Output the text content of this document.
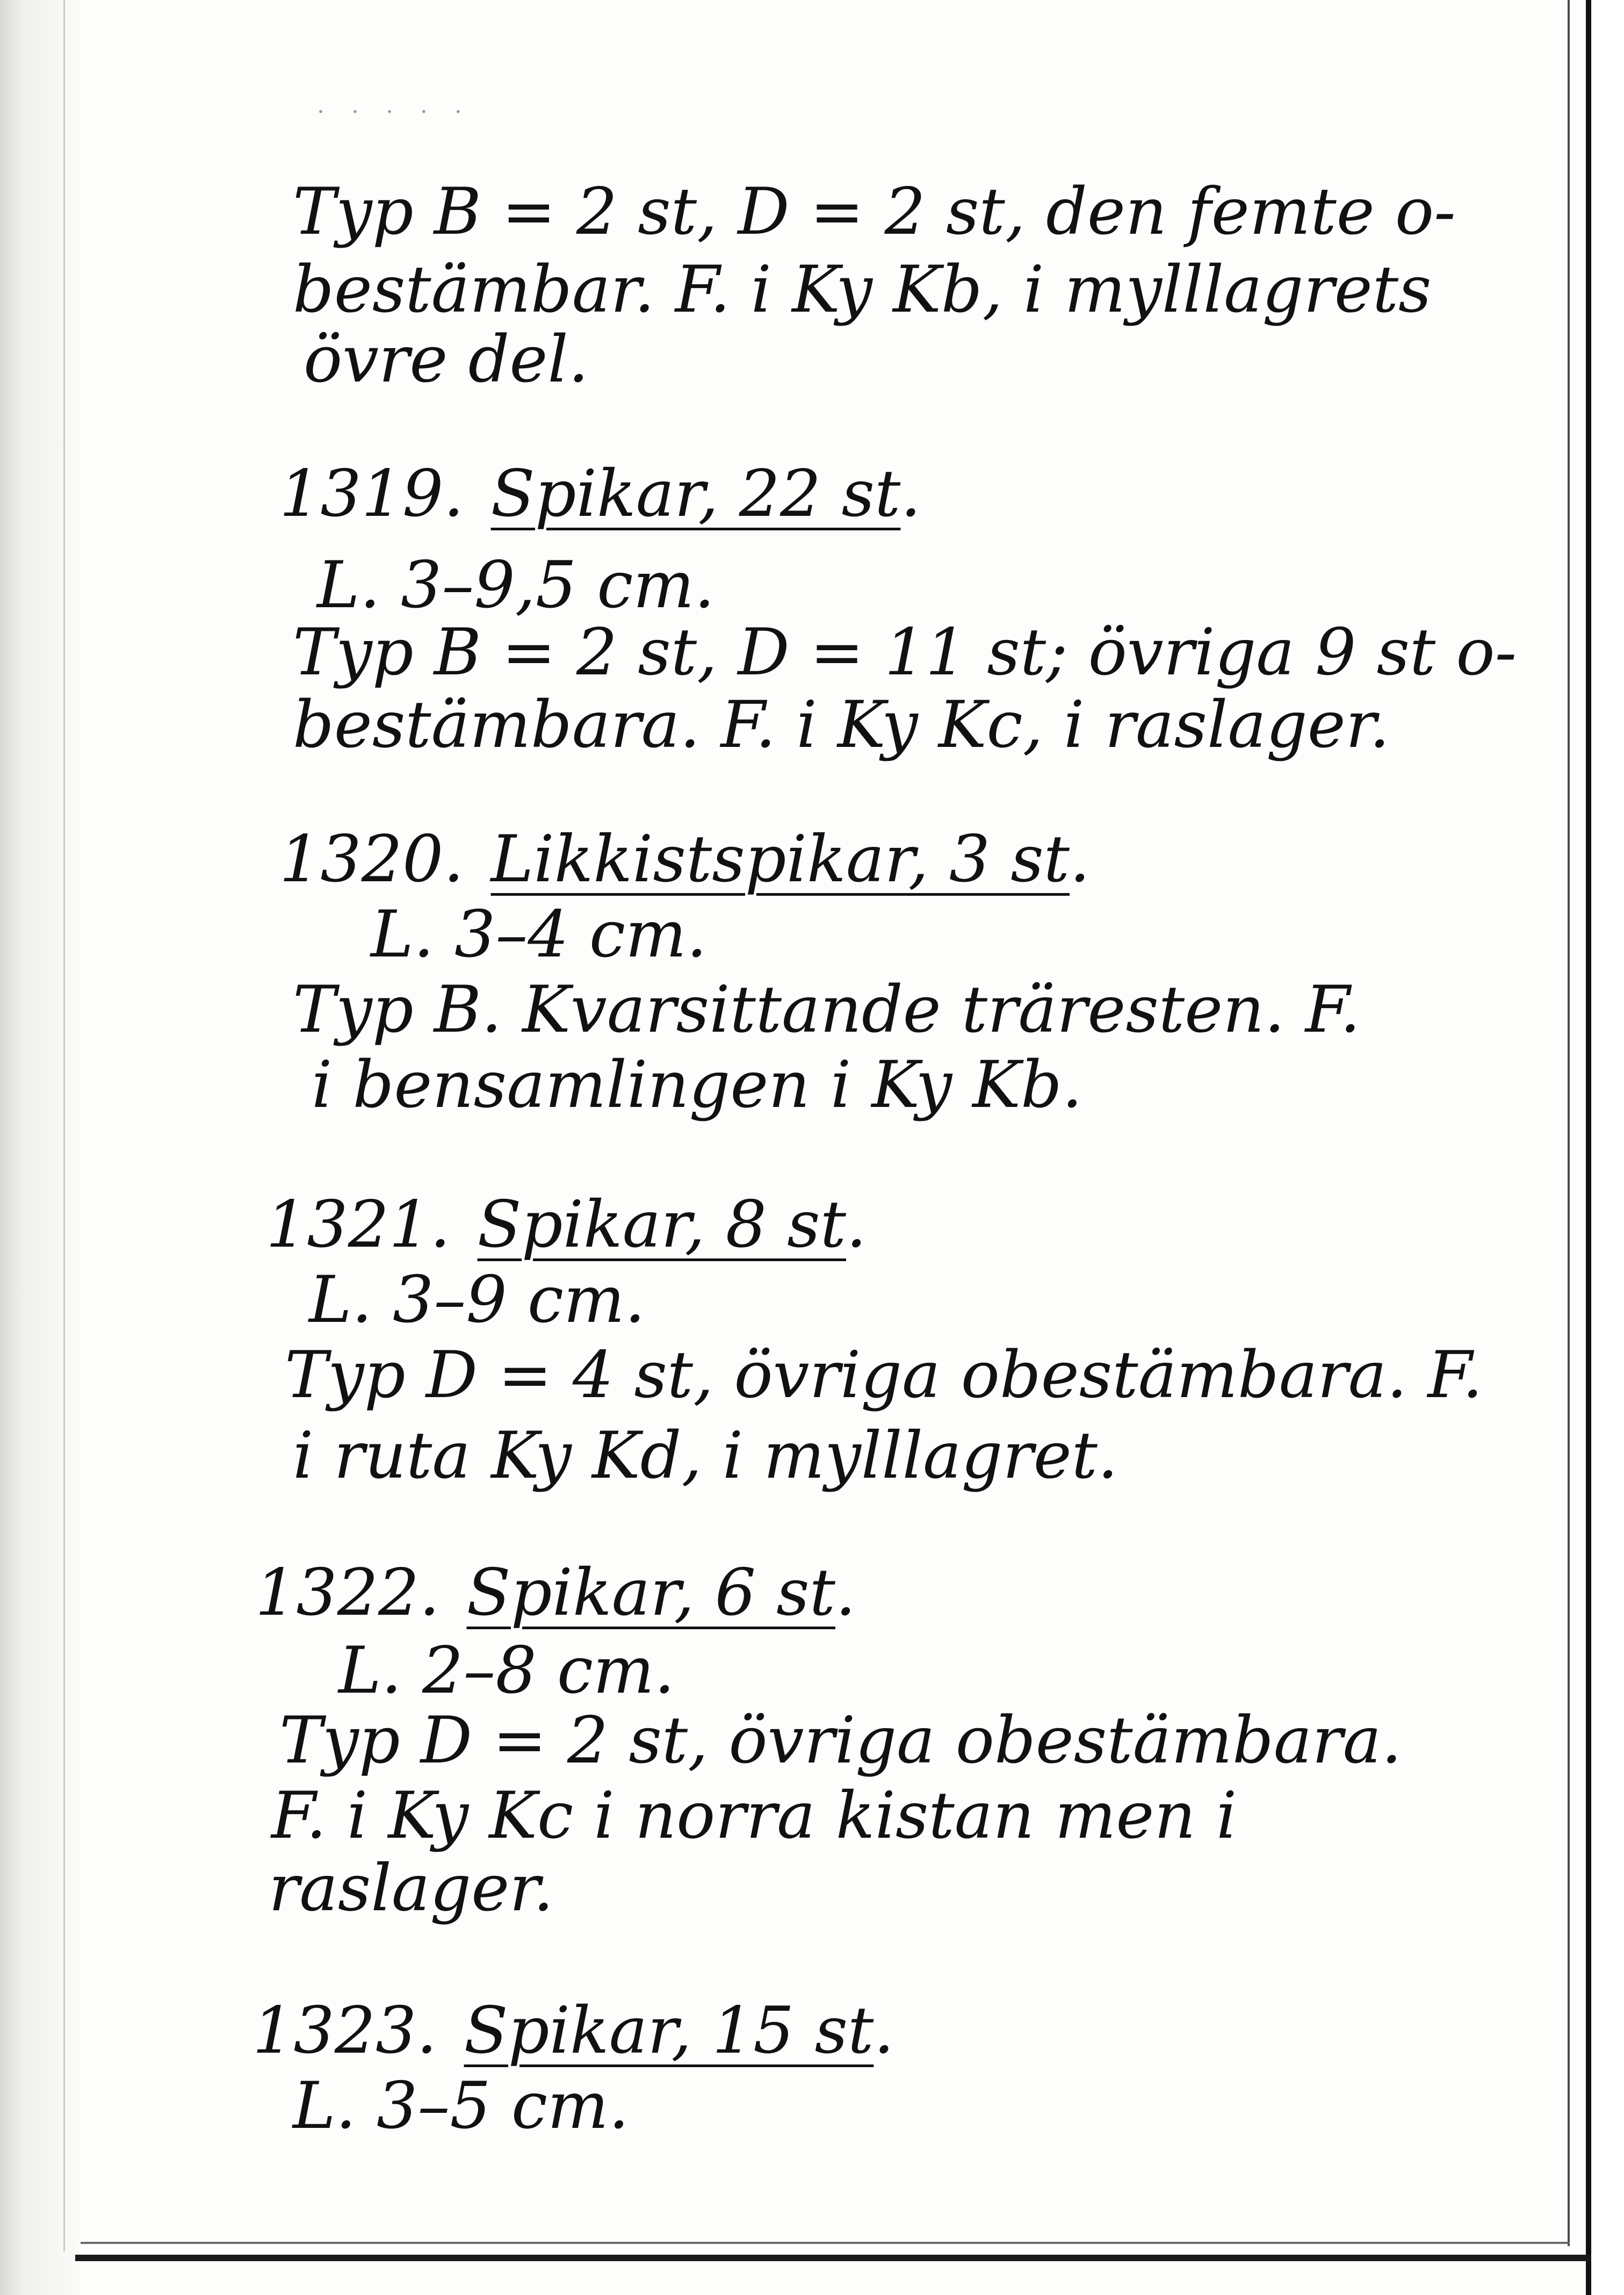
. . . . .
Typ B = 2 st, D = 2 st, den femte o-
bestämbar. F. i Ky Kb, i mylllagrets
övre del.
1319. Spikar, 22 st.
L. 3–9,5 cm.
Typ B = 2 st, D = 11 st; övriga 9 st o-
bestämbara. F. i Ky Kc, i raslager.
1320. Likkistspikar, 3 st.
L. 3–4 cm.
Typ B. Kvarsittande träresten. F.
i bensamlingen i Ky Kb.
1321. Spikar, 8 st.
L. 3–9 cm.
Typ D = 4 st, övriga obestämbara. F.
i ruta Ky Kd, i mylllagret.
1322. Spikar, 6 st.
L. 2–8 cm.
Typ D = 2 st, övriga obestämbara.
F. i Ky Kc i norra kistan men i
raslager.
1323. Spikar, 15 st.
L. 3–5 cm.
